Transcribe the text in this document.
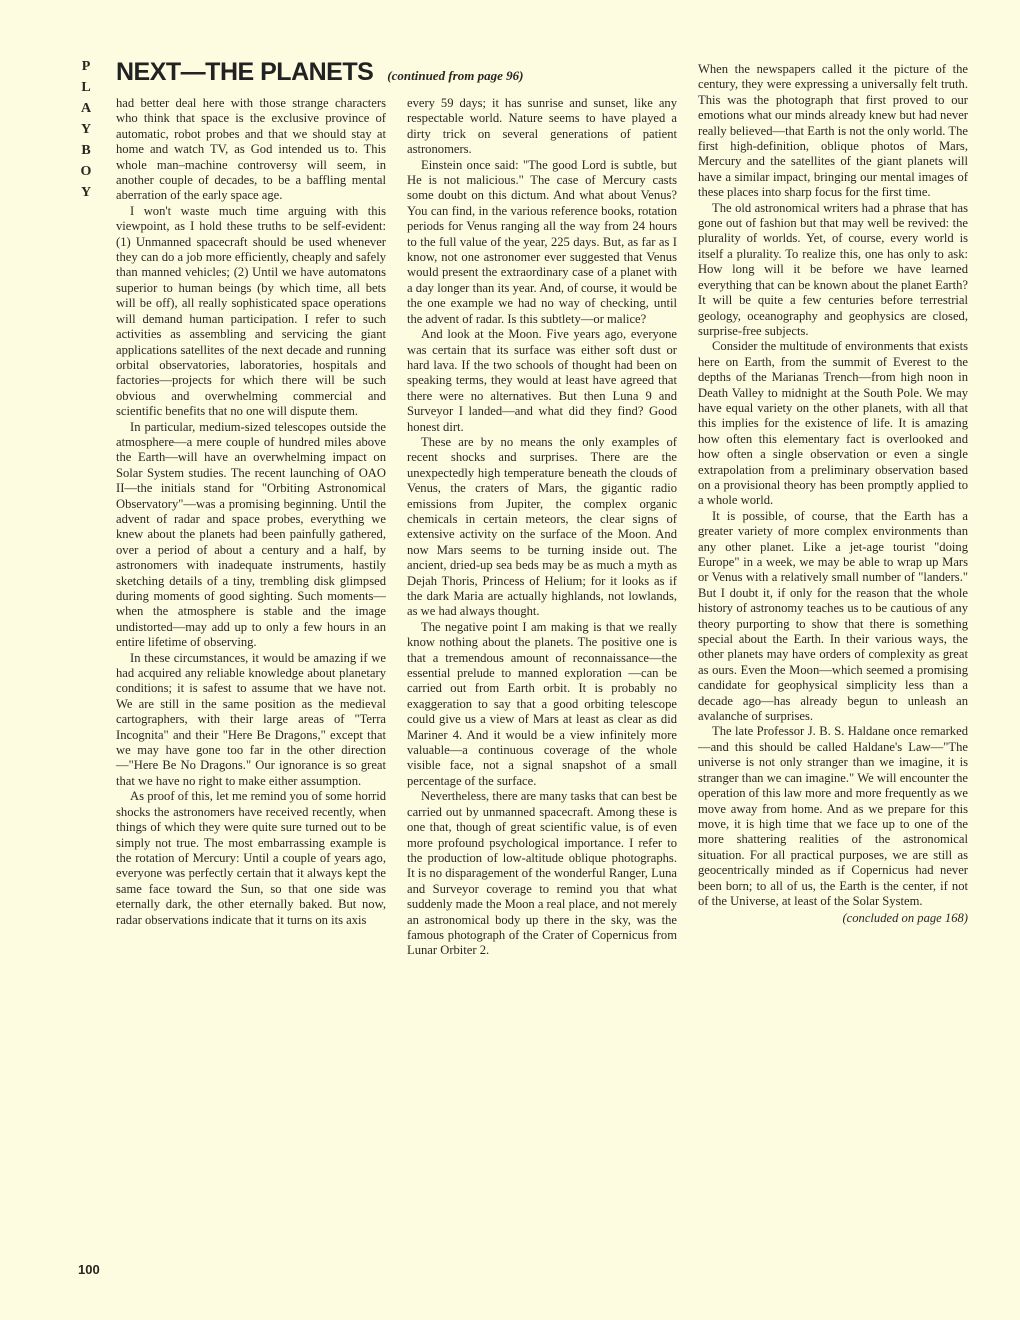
P
L
A
Y
B
O
Y
NEXT—THE PLANETS (continued from page 96)

had better deal here with those strange characters who think that space is the exclusive province of automatic, robot probes and that we should stay at home and watch TV, as God intended us to. This whole man–machine controversy will seem, in another couple of decades, to be a baffling mental aberration of the early space age.

I won't waste much time arguing with this viewpoint, as I hold these truths to be self-evident: (1) Unmanned spacecraft should be used whenever they can do a job more efficiently, cheaply and safely than manned vehicles; (2) Until we have automatons superior to human beings (by which time, all bets will be off), all really sophisticated space operations will demand human participation. I refer to such activities as assembling and servicing the giant applications satellites of the next decade and running orbital observatories, laboratories, hospitals and factories—projects for which there will be such obvious and overwhelming commercial and scientific benefits that no one will dispute them.

In particular, medium-sized telescopes outside the atmosphere—a mere couple of hundred miles above the Earth—will have an overwhelming impact on Solar System studies. The recent launching of OAO II—the initials stand for "Orbiting Astronomical Observatory"—was a promising beginning. Until the advent of radar and space probes, everything we knew about the planets had been painfully gathered, over a period of about a century and a half, by astronomers with inadequate instruments, hastily sketching details of a tiny, trembling disk glimpsed during moments of good sighting. Such moments—when the atmosphere is stable and the image undistorted—may add up to only a few hours in an entire lifetime of observing.

In these circumstances, it would be amazing if we had acquired any reliable knowledge about planetary conditions; it is safest to assume that we have not. We are still in the same position as the medieval cartographers, with their large areas of "Terra Incognita" and their "Here Be Dragons," except that we may have gone too far in the other direction —"Here Be No Dragons." Our ignorance is so great that we have no right to make either assumption.

As proof of this, let me remind you of some horrid shocks the astronomers have received recently, when things of which they were quite sure turned out to be simply not true. The most embarrassing example is the rotation of Mercury: Until a couple of years ago, everyone was perfectly certain that it always kept the same face toward the Sun, so that one side was eternally dark, the other eternally baked. But now, radar observations indicate that it turns on its axis

every 59 days; it has sunrise and sunset, like any respectable world. Nature seems to have played a dirty trick on several generations of patient astronomers.

Einstein once said: "The good Lord is subtle, but He is not malicious." The case of Mercury casts some doubt on this dictum. And what about Venus? You can find, in the various reference books, rotation periods for Venus ranging all the way from 24 hours to the full value of the year, 225 days. But, as far as I know, not one astronomer ever suggested that Venus would present the extraordinary case of a planet with a day longer than its year. And, of course, it would be the one example we had no way of checking, until the advent of radar. Is this subtlety—or malice?

And look at the Moon. Five years ago, everyone was certain that its surface was either soft dust or hard lava. If the two schools of thought had been on speaking terms, they would at least have agreed that there were no alternatives. But then Luna 9 and Surveyor I landed—and what did they find? Good honest dirt.

These are by no means the only examples of recent shocks and surprises. There are the unexpectedly high temperature beneath the clouds of Venus, the craters of Mars, the gigantic radio emissions from Jupiter, the complex organic chemicals in certain meteors, the clear signs of extensive activity on the surface of the Moon. And now Mars seems to be turning inside out. The ancient, dried-up sea beds may be as much a myth as Dejah Thoris, Princess of Helium; for it looks as if the dark Maria are actually highlands, not lowlands, as we had always thought.

The negative point I am making is that we really know nothing about the planets. The positive one is that a tremendous amount of reconnaissance—the essential prelude to manned exploration —can be carried out from Earth orbit. It is probably no exaggeration to say that a good orbiting telescope could give us a view of Mars at least as clear as did Mariner 4. And it would be a view infinitely more valuable—a continuous coverage of the whole visible face, not a signal snapshot of a small percentage of the surface.

Nevertheless, there are many tasks that can best be carried out by unmanned spacecraft. Among these is one that, though of great scientific value, is of even more profound psychological importance. I refer to the production of low-altitude oblique photographs. It is no disparagement of the wonderful Ranger, Luna and Surveyor coverage to remind you that what suddenly made the Moon a real place, and not merely an astronomical body up there in the sky, was the famous photograph of the Crater of Copernicus from Lunar Orbiter 2.

When the newspapers called it the picture of the century, they were expressing a universally felt truth. This was the photograph that first proved to our emotions what our minds already knew but had never really believed—that Earth is not the only world. The first high-definition, oblique photos of Mars, Mercury and the satellites of the giant planets will have a similar impact, bringing our mental images of these places into sharp focus for the first time.

The old astronomical writers had a phrase that has gone out of fashion but that may well be revived: the plurality of worlds. Yet, of course, every world is itself a plurality. To realize this, one has only to ask: How long will it be before we have learned everything that can be known about the planet Earth? It will be quite a few centuries before terrestrial geology, oceanography and geophysics are closed, surprise-free subjects.

Consider the multitude of environments that exists here on Earth, from the summit of Everest to the depths of the Marianas Trench—from high noon in Death Valley to midnight at the South Pole. We may have equal variety on the other planets, with all that this implies for the existence of life. It is amazing how often this elementary fact is overlooked and how often a single observation or even a single extrapolation from a preliminary observation based on a provisional theory has been promptly applied to a whole world.

It is possible, of course, that the Earth has a greater variety of more complex environments than any other planet. Like a jet-age tourist "doing Europe" in a week, we may be able to wrap up Mars or Venus with a relatively small number of "landers." But I doubt it, if only for the reason that the whole history of astronomy teaches us to be cautious of any theory purporting to show that there is something special about the Earth. In their various ways, the other planets may have orders of complexity as great as ours. Even the Moon—which seemed a promising candidate for geophysical simplicity less than a decade ago—has already begun to unleash an avalanche of surprises.

The late Professor J. B. S. Haldane once remarked—and this should be called Haldane's Law—"The universe is not only stranger than we imagine, it is stranger than we can imagine." We will encounter the operation of this law more and more frequently as we move away from home. And as we prepare for this move, it is high time that we face up to one of the more shattering realities of the astronomical situation. For all practical purposes, we are still as geocentrically minded as if Copernicus had never been born; to all of us, the Earth is the center, if not of the Universe, at least of the Solar System.

(concluded on page 168)

100
